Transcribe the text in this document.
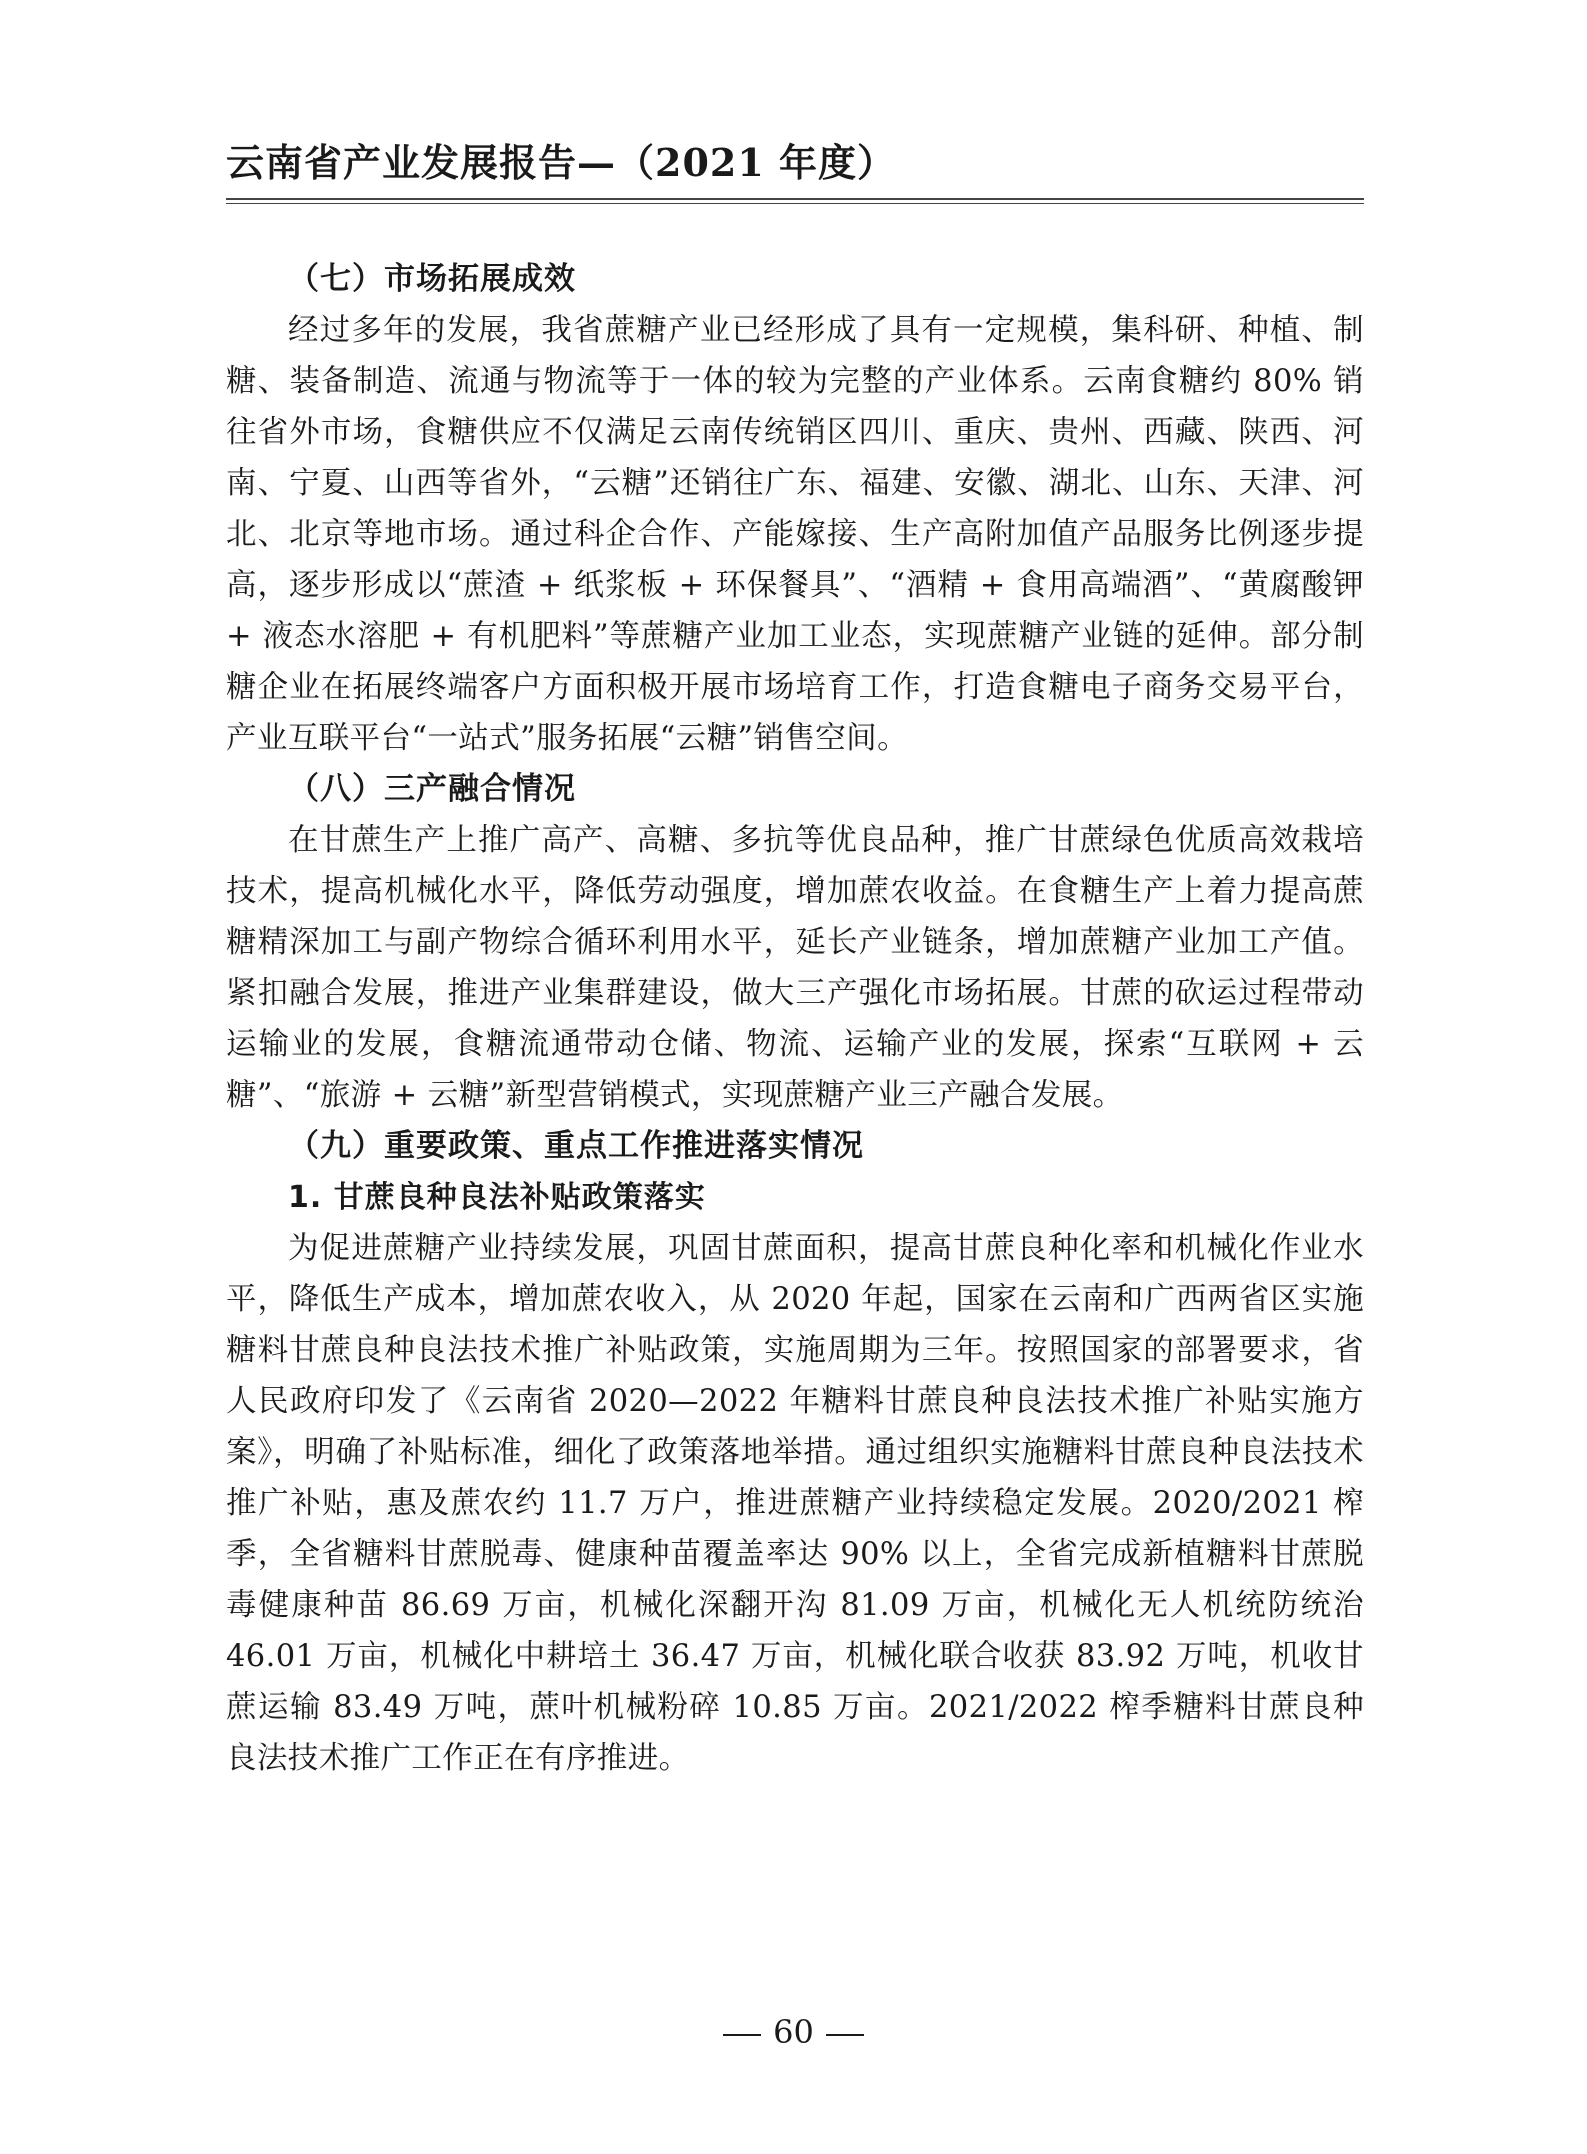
云南省产业发展报告—（2021 年度）

（七）市场拓展成效

经过多年的发展，我省蔗糖产业已经形成了具有一定规模，集科研、种植、制糖、装备制造、流通与物流等于一体的较为完整的产业体系。云南食糖约 80% 销往省外市场，食糖供应不仅满足云南传统销区四川、重庆、贵州、西藏、陕西、河南、宁夏、山西等省外，“云糖”还销往广东、福建、安徽、湖北、山东、天津、河北、北京等地市场。通过科企合作、产能嫁接、生产高附加值产品服务比例逐步提高，逐步形成以“蔗渣 + 纸浆板 + 环保餐具”、“酒精 + 食用高端酒”、“黄腐酸钾 + 液态水溶肥 + 有机肥料”等蔗糖产业加工业态，实现蔗糖产业链的延伸。部分制糖企业在拓展终端客户方面积极开展市场培育工作，打造食糖电子商务交易平台，产业互联平台“一站式”服务拓展“云糖”销售空间。

（八）三产融合情况

在甘蔗生产上推广高产、高糖、多抗等优良品种，推广甘蔗绿色优质高效栽培技术，提高机械化水平，降低劳动强度，增加蔗农收益。在食糖生产上着力提高蔗糖精深加工与副产物综合循环利用水平，延长产业链条，增加蔗糖产业加工产值。紧扣融合发展，推进产业集群建设，做大三产强化市场拓展。甘蔗的砍运过程带动运输业的发展，食糖流通带动仓储、物流、运输产业的发展，探索“互联网 + 云糖”、“旅游 + 云糖”新型营销模式，实现蔗糖产业三产融合发展。

（九）重要政策、重点工作推进落实情况

1. 甘蔗良种良法补贴政策落实

为促进蔗糖产业持续发展，巩固甘蔗面积，提高甘蔗良种化率和机械化作业水平，降低生产成本，增加蔗农收入，从 2020 年起，国家在云南和广西两省区实施糖料甘蔗良种良法技术推广补贴政策，实施周期为三年。按照国家的部署要求，省人民政府印发了《云南省 2020—2022 年糖料甘蔗良种良法技术推广补贴实施方案》，明确了补贴标准，细化了政策落地举措。通过组织实施糖料甘蔗良种良法技术推广补贴，惠及蔗农约 11.7 万户，推进蔗糖产业持续稳定发展。2020/2021 榨季，全省糖料甘蔗脱毒、健康种苗覆盖率达 90% 以上，全省完成新植糖料甘蔗脱毒健康种苗 86.69 万亩，机械化深翻开沟 81.09 万亩，机械化无人机统防统治 46.01 万亩，机械化中耕培土 36.47 万亩，机械化联合收获 83.92 万吨，机收甘蔗运输 83.49 万吨，蔗叶机械粉碎 10.85 万亩。2021/2022 榨季糖料甘蔗良种良法技术推广工作正在有序推进。

60
